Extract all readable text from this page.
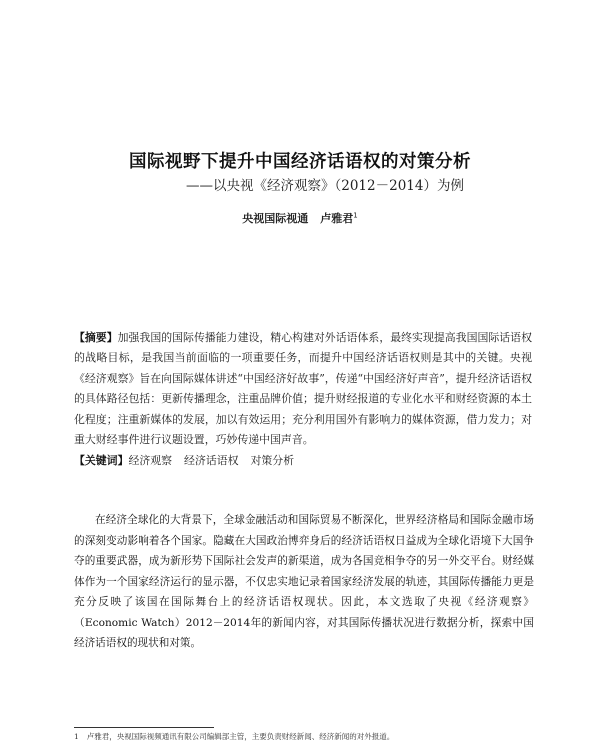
国际视野下提升中国经济话语权的对策分析
——以央视《经济观察》（2012－2014）为例
央视国际视通 卢雅君$^1$
【摘要】加强我国的国际传播能力建设，精心构建对外话语体系，最终实现提高我国国际话语权的战略目标，是我国当前面临的一项重要任务，而提升中国经济话语权则是其中的关键。央视《经济观察》旨在向国际媒体讲述“中国经济好故事”，传递“中国经济好声音”，提升经济话语权的具体路径包括：更新传播理念，注重品牌价值；提升财经报道的专业化水平和财经资源的本土化程度；注重新媒体的发展，加以有效运用；充分利用国外有影响力的媒体资源，借力发力；对重大财经事件进行议题设置，巧妙传递中国声音。
【关键词】经济观察 经济话语权 对策分析
在经济全球化的大背景下，全球金融活动和国际贸易不断深化，世界经济格局和国际金融市场的深刻变动影响着各个国家。隐藏在大国政治博弈身后的经济话语权日益成为全球化语境下大国争夺的重要武器，成为新形势下国际社会发声的新渠道，成为各国竞相争夺的另一外交平台。财经媒体作为一个国家经济运行的显示器，不仅忠实地记录着国家经济发展的轨迹，其国际传播能力更是充分反映了该国在国际舞台上的经济话语权现状。因此，本文选取了央视《经济观察》（Economic Watch）2012－2014年的新闻内容，对其国际传播状况进行数据分析，探索中国经济话语权的现状和对策。
1 卢雅君，央视国际视频通讯有限公司编辑部主管，主要负责财经新闻、经济新闻的对外报道。
